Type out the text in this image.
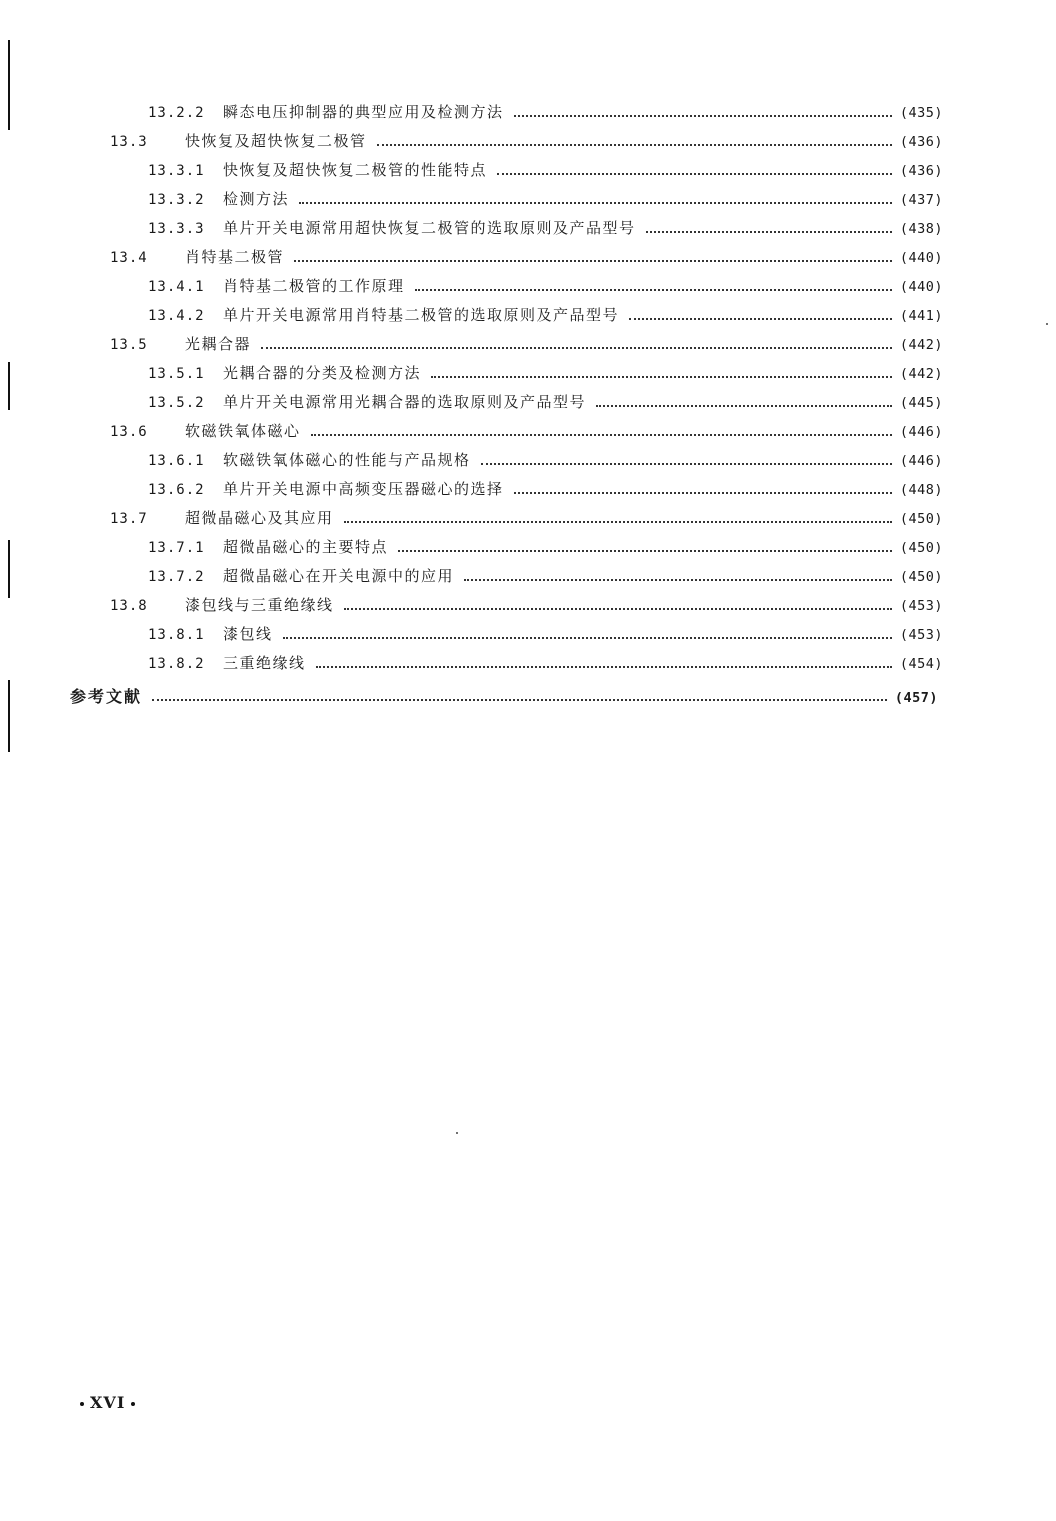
13.2.2	瞬态电压抑制器的典型应用及检测方法	(435)
13.3	快恢复及超快恢复二极管	(436)
13.3.1	快恢复及超快恢复二极管的性能特点	(436)
13.3.2	检测方法	(437)
13.3.3	单片开关电源常用超快恢复二极管的选取原则及产品型号	(438)
13.4	肖特基二极管	(440)
13.4.1	肖特基二极管的工作原理	(440)
13.4.2	单片开关电源常用肖特基二极管的选取原则及产品型号	(441)
13.5	光耦合器	(442)
13.5.1	光耦合器的分类及检测方法	(442)
13.5.2	单片开关电源常用光耦合器的选取原则及产品型号	(445)
13.6	软磁铁氧体磁心	(446)
13.6.1	软磁铁氧体磁心的性能与产品规格	(446)
13.6.2	单片开关电源中高频变压器磁心的选择	(448)
13.7	超微晶磁心及其应用	(450)
13.7.1	超微晶磁心的主要特点	(450)
13.7.2	超微晶磁心在开关电源中的应用	(450)
13.8	漆包线与三重绝缘线	(453)
13.8.1	漆包线	(453)
13.8.2	三重绝缘线	(454)
参考文献	(457)
XVI
